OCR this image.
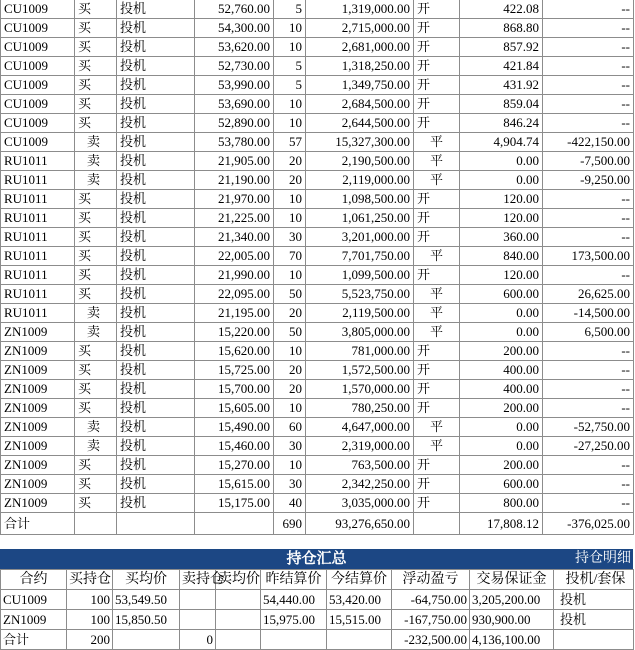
CU1009	买	投机	52,760.00	5	1,319,000.00	开	422.08	--
CU1009	买	投机	54,300.00	10	2,715,000.00	开	868.80	--
CU1009	买	投机	53,620.00	10	2,681,000.00	开	857.92	--
CU1009	买	投机	52,730.00	5	1,318,250.00	开	421.84	--
CU1009	买	投机	53,990.00	5	1,349,750.00	开	431.92	--
CU1009	买	投机	53,690.00	10	2,684,500.00	开	859.04	--
CU1009	买	投机	52,890.00	10	2,644,500.00	开	846.24	--
CU1009	卖	投机	53,780.00	57	15,327,300.00	平	4,904.74	-422,150.00
RU1011	卖	投机	21,905.00	20	2,190,500.00	平	0.00	-7,500.00
RU1011	卖	投机	21,190.00	20	2,119,000.00	平	0.00	-9,250.00
RU1011	买	投机	21,970.00	10	1,098,500.00	开	120.00	--
RU1011	买	投机	21,225.00	10	1,061,250.00	开	120.00	--
RU1011	买	投机	21,340.00	30	3,201,000.00	开	360.00	--
RU1011	买	投机	22,005.00	70	7,701,750.00	平	840.00	173,500.00
RU1011	买	投机	21,990.00	10	1,099,500.00	开	120.00	--
RU1011	买	投机	22,095.00	50	5,523,750.00	平	600.00	26,625.00
RU1011	卖	投机	21,195.00	20	2,119,500.00	平	0.00	-14,500.00
ZN1009	卖	投机	15,220.00	50	3,805,000.00	平	0.00	6,500.00
ZN1009	买	投机	15,620.00	10	781,000.00	开	200.00	--
ZN1009	买	投机	15,725.00	20	1,572,500.00	开	400.00	--
ZN1009	买	投机	15,700.00	20	1,570,000.00	开	400.00	--
ZN1009	买	投机	15,605.00	10	780,250.00	开	200.00	--
ZN1009	卖	投机	15,490.00	60	4,647,000.00	平	0.00	-52,750.00
ZN1009	卖	投机	15,460.00	30	2,319,000.00	平	0.00	-27,250.00
ZN1009	买	投机	15,270.00	10	763,500.00	开	200.00	--
ZN1009	买	投机	15,615.00	30	2,342,250.00	开	600.00	--
ZN1009	买	投机	15,175.00	40	3,035,000.00	开	800.00	--
合计				690	93,276,650.00		17,808.12	-376,025.00
持仓汇总	持仓明细
合约	买持仓	买均价	卖持仓	卖均价	昨结算价	今结算价	浮动盈亏	交易保证金	投机/套保
CU1009	100	53,549.50			54,440.00	53,420.00	-64,750.00	3,205,200.00	投机
ZN1009	100	15,850.50			15,975.00	15,515.00	-167,750.00	930,900.00	投机
合计	200		0				-232,500.00	4,136,100.00	
